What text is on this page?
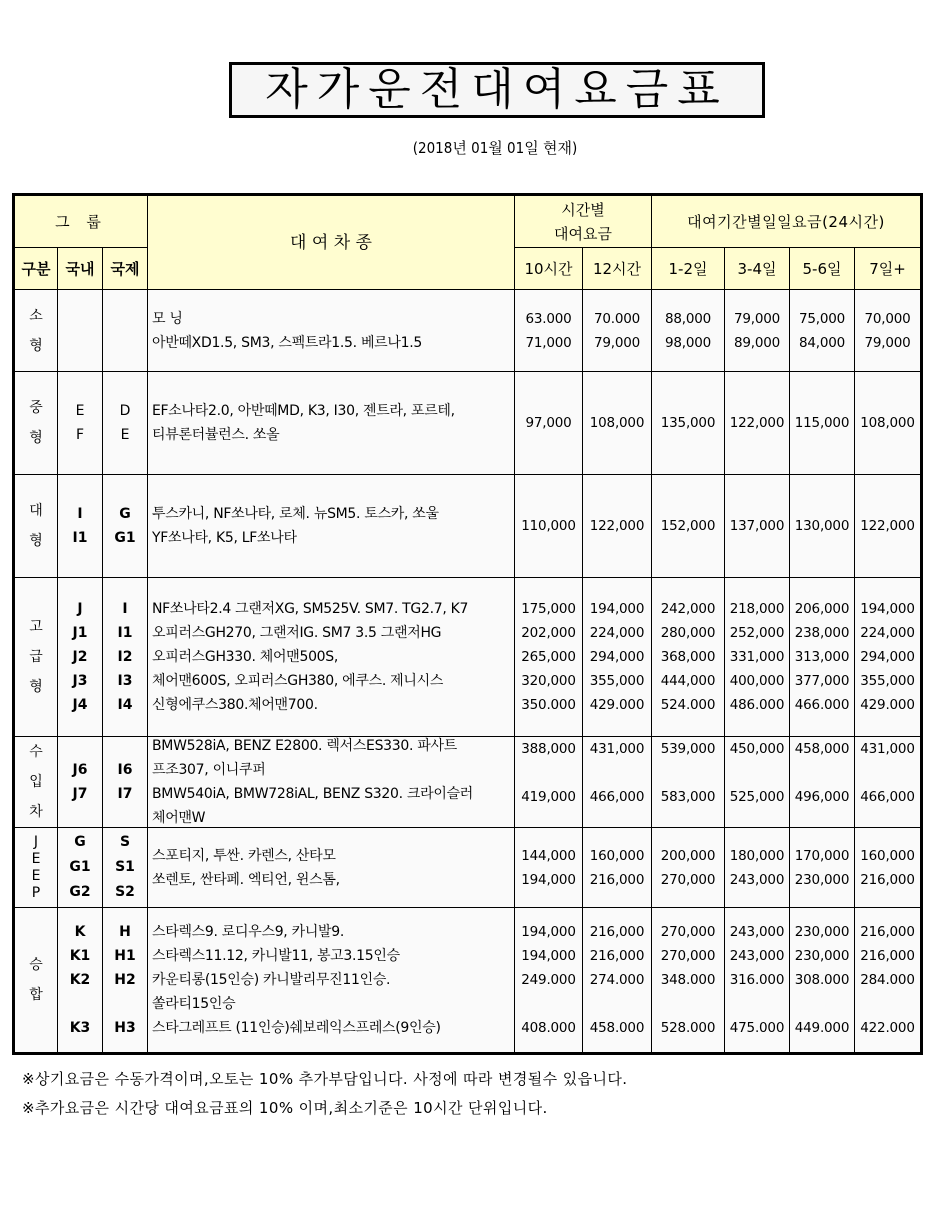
자가운전대여요금표
(2018년 01월 01일 현재)
그 룹
구분 국내 국제
대 여 차 종
시간별
대여요금
대여기간별일일요금(24시간)
10시간 12시간 1-2일 3-4일 5-6일 7일+
소
형
모 닝
아반떼XD1.5, SM3, 스펙트라1.5. 베르나1.5
63.000
71,000
70.000
79,000
88,000
98,000
79,000
89,000
75,000
84,000
70,000
79,000
중
형
E
F
D
E
EF소나타2.0, 아반떼MD, K3, I30, 젠트라, 포르테,
티뷰론터뷸런스. 쏘올
97,000 108,000 135,000 122,000 115,000 108,000
대
형
I
I1
G
G1
투스카니, NF쏘나타, 로체. 뉴SM5. 토스카, 쏘울
YF쏘나타, K5, LF쏘나타
110,000 122,000 152,000 137,000 130,000 122,000
고
급
형
J
J1
J2
J3
J4
I
I1
I2
I3
I4
NF쏘나타2.4 그랜저XG, SM525V. SM7. TG2.7, K7
오피러스GH270, 그랜저IG. SM7 3.5 그랜저HG
오피러스GH330. 체어맨500S,
체어맨600S, 오피러스GH380, 에쿠스. 제니시스
신형에쿠스380.체어맨700.
175,000
202,000
265,000
320,000
350.000
194,000
224,000
294,000
355,000
429.000
242,000
280,000
368,000
444,000
524.000
218,000
252,000
331,000
400,000
486.000
206,000
238,000
313,000
377,000
466.000
194,000
224,000
294,000
355,000
429.000
수
입
차
J6
J7
I6
I7
BMW528iA, BENZ E2800. 렉서스ES330. 파사트
프조307, 이니쿠퍼
BMW540iA, BMW728iAL, BENZ S320. 크라이슬러
체어맨W
388,000
419,000
431,000
466,000
539,000
583,000
450,000
525,000
458,000
496,000
431,000
466,000
J
E
E
P
G
G1
G2
S
S1
S2
스포티지, 투싼. 카렌스, 산타모
쏘렌토, 싼타페. 엑티언, 윈스톰,
144,000
194,000
160,000
216,000
200,000
270,000
180,000
243,000
170,000
230,000
160,000
216,000
승
합
K
K1
K2
K3
H
H1
H2
H3
스타렉스9. 로디우스9, 카니발9.
스타렉스11.12, 카니발11, 봉고3.15인승
카운티롱(15인승) 카니발리무진11인승.
쏠라티15인승
스타그레프트 (11인승)쉐보레익스프레스(9인승)
194,000
194,000
249.000
408.000
216,000
216,000
274.000
458.000
270,000
270,000
348.000
528.000
243,000
243,000
316.000
475.000
230,000
230,000
308.000
449.000
216,000
216,000
284.000
422.000
※상기요금은 수동가격이며,오토는 10% 추가부담입니다. 사정에 따라 변경될수 있읍니다.
※추가요금은 시간당 대여요금표의 10% 이며,최소기준은 10시간 단위입니다.
